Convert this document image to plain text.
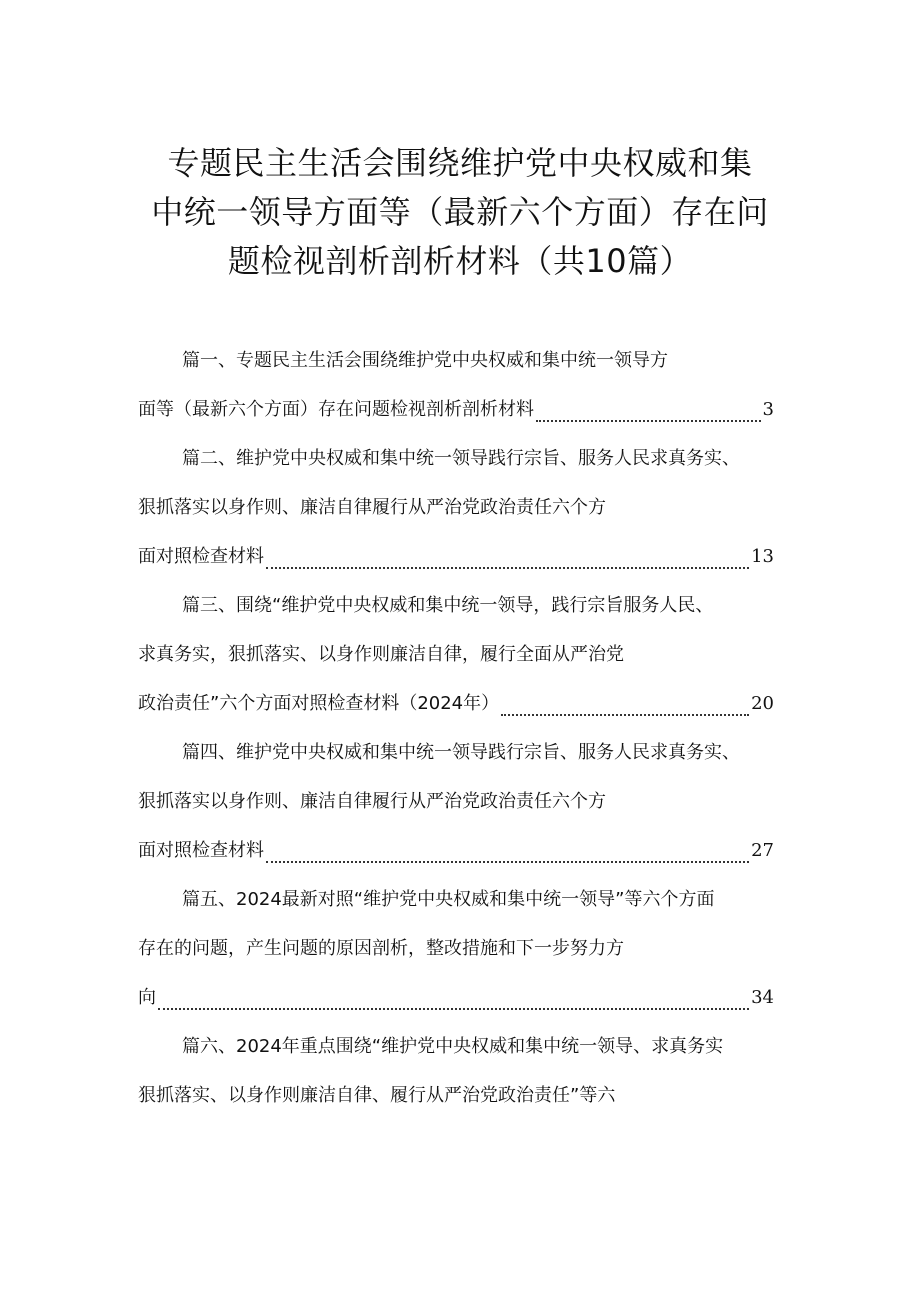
专题民主生活会围绕维护党中央权威和集
中统一领导方面等（最新六个方面）存在问
题检视剖析剖析材料（共10篇）
篇一、专题民主生活会围绕维护党中央权威和集中统一领导方
面等（最新六个方面）存在问题检视剖析剖析材料	3
篇二、维护党中央权威和集中统一领导践行宗旨、服务人民求真务实、
狠抓落实以身作则、廉洁自律履行从严治党政治责任六个方
面对照检查材料	13
篇三、围绕“维护党中央权威和集中统一领导，践行宗旨服务人民、
求真务实，狠抓落实、以身作则廉洁自律，履行全面从严治党
政治责任”六个方面对照检查材料（2024年）	20
篇四、维护党中央权威和集中统一领导践行宗旨、服务人民求真务实、
狠抓落实以身作则、廉洁自律履行从严治党政治责任六个方
面对照检查材料	27
篇五、2024最新对照“维护党中央权威和集中统一领导”等六个方面
存在的问题，产生问题的原因剖析，整改措施和下一步努力方
向	34
篇六、2024年重点围绕“维护党中央权威和集中统一领导、求真务实
狠抓落实、以身作则廉洁自律、履行从严治党政治责任”等六
